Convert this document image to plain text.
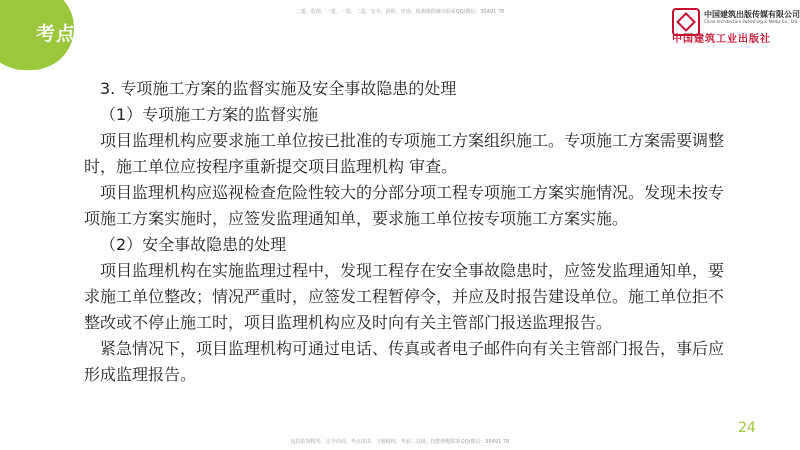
考点
二建、监理、一建、一造、二造、安全、消防、咨询、检测课程辅导联系QQ/微信：35491 78	中国建筑出版传媒有限公司
China Architecture Publishing & Media Co., Ltd.
中国建筑工业出版社

3. 专项施工方案的监督实施及安全事故隐患的处理

（1）专项施工方案的监督实施

项目监理机构应要求施工单位按已批准的专项施工方案组织施工。专项施工方案需要调整时，施工单位应按程序重新提交项目监理机构 审查。

项目监理机构应巡视检查危险性较大的分部分项工程专项施工方案实施情况。发现未按专项施工方案实施时，应签发监理通知单，要求施工单位按专项施工方案实施。

（2）安全事故隐患的处理

项目监理机构在实施监理过程中，发现工程存在安全事故隐患时，应签发监理通知单，要求施工单位整改；情况严重时，应签发工程暂停令，并应及时报告建设单位。施工单位拒不整改或不停止施工时，项目监理机构应及时向有关主管部门报送监理报告。

紧急情况下，项目监理机构可通过电话、传真或者电子邮件向有关主管部门报告，事后应形成监理报告。

24
包括监理精华、完全内训、考点串讲、习题精练、考前三页纸、技能押题联系QQ/微信：35491 78
